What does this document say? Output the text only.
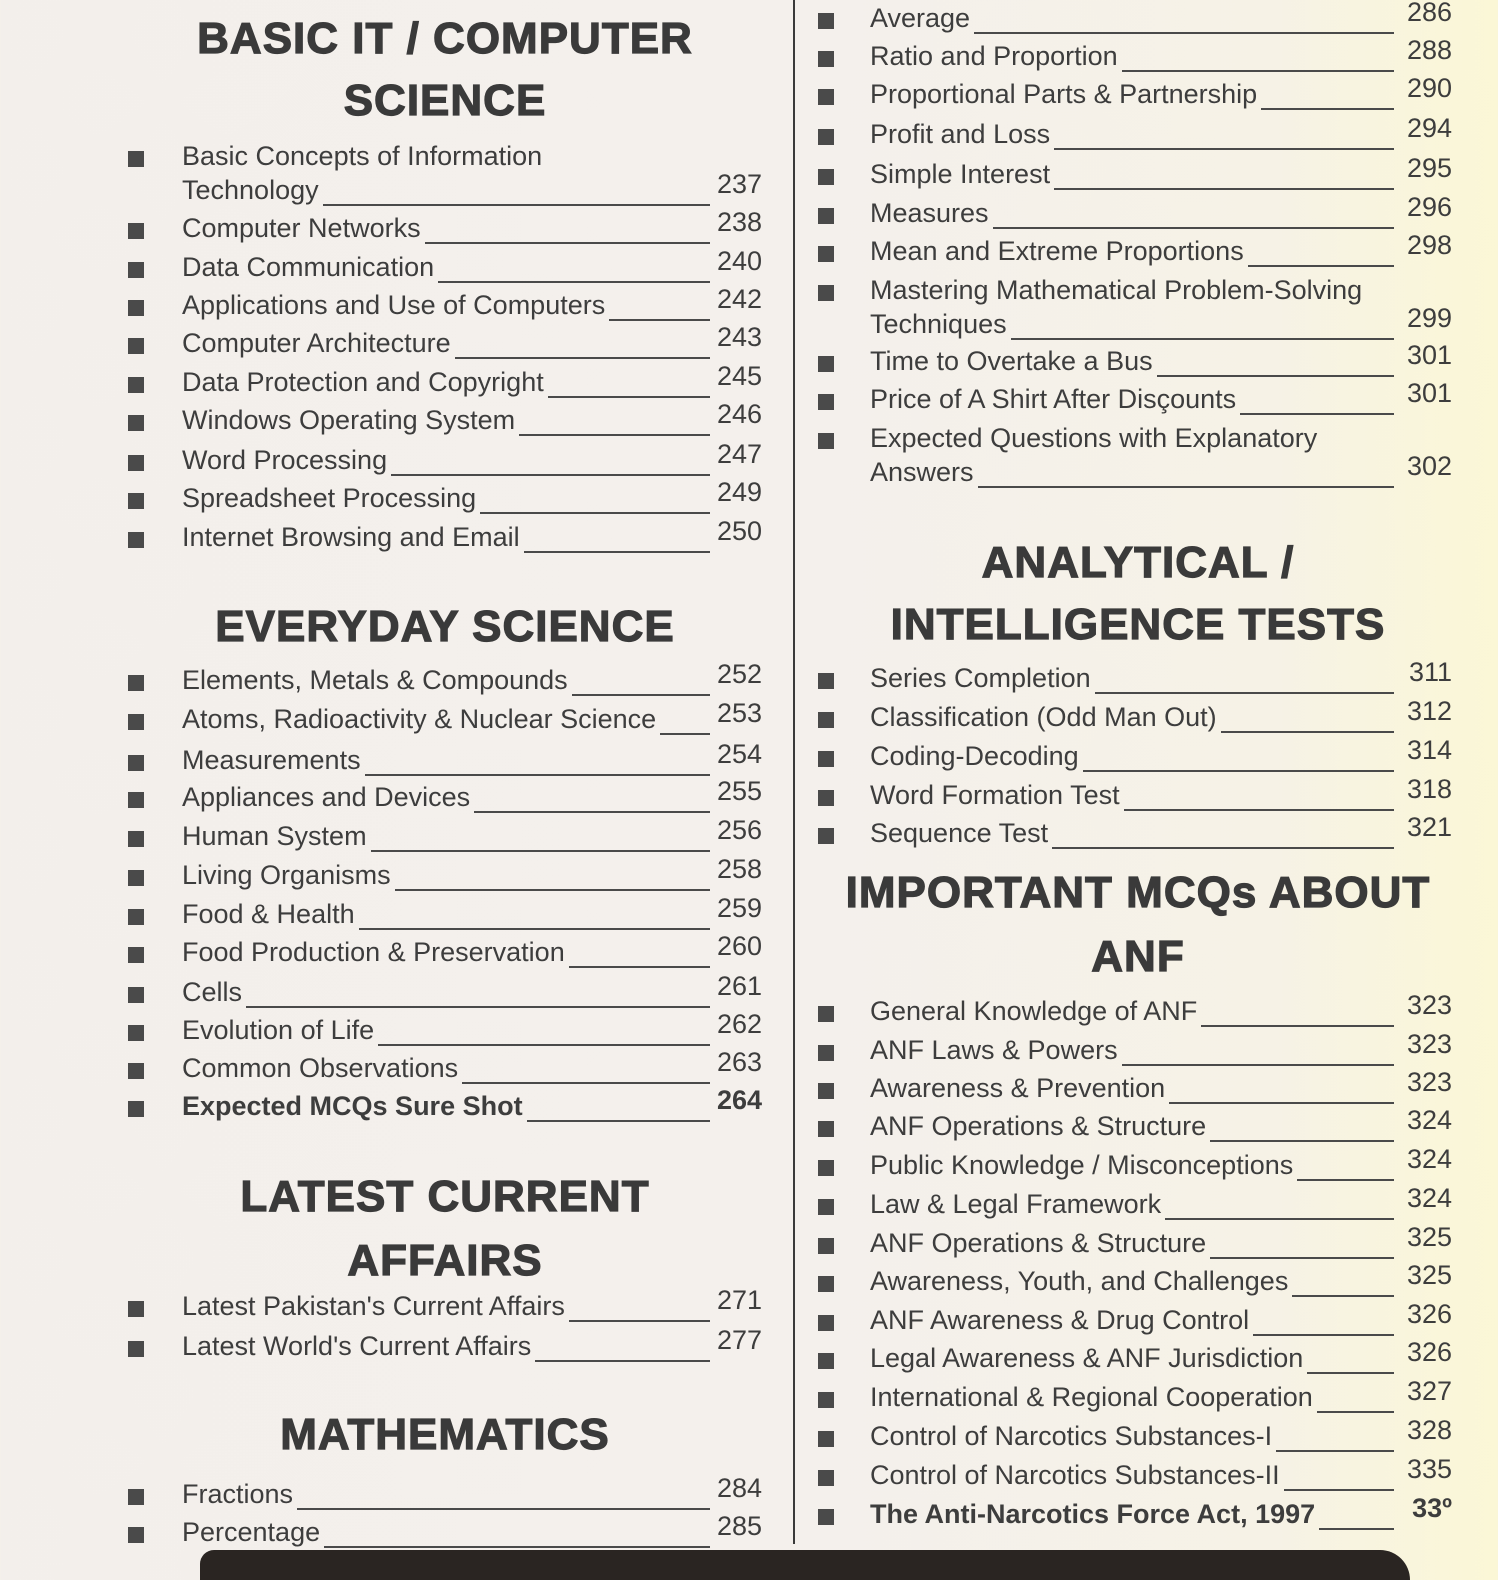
BASIC IT / COMPUTER
SCIENCE
Basic Concepts of Information
Technology	237
Computer Networks	238
Data Communication	240
Applications and Use of Computers	242
Computer Architecture	243
Data Protection and Copyright	245
Windows Operating System	246
Word Processing	247
Spreadsheet Processing	249
Internet Browsing and Email	250
EVERYDAY SCIENCE
Elements, Metals & Compounds	252
Atoms, Radioactivity & Nuclear Science 253
Measurements	254
Appliances and Devices	255
Human System	256
Living Organisms	258
Food & Health	259
Food Production & Preservation	260
Cells	261
Evolution of Life	262
Common Observations	263
Expected MCQs Sure Shot	264
LATEST CURRENT
AFFAIRS
Latest Pakistan's Current Affairs	271
Latest World's Current Affairs	277
MATHEMATICS
Fractions	284
Percentage	285
Average	286
Ratio and Proportion	288
Proportional Parts & Partnership	290
Profit and Loss	294
Simple Interest	295
Measures	296
Mean and Extreme Proportions	298
Mastering Mathematical Problem-Solving
Techniques	299
Time to Overtake a Bus	301
Price of A Shirt After Disçounts	301
Expected Questions with Explanatory
Answers	302
ANALYTICAL /
INTELLIGENCE TESTS
Series Completion	311
Classification (Odd Man Out)	312
Coding-Decoding	314
Word Formation Test	318
Sequence Test	321
IMPORTANT MCQs ABOUT
ANF
General Knowledge of ANF	323
ANF Laws & Powers	323
Awareness & Prevention	323
ANF Operations & Structure	324
Public Knowledge / Misconceptions	324
Law & Legal Framework	324
ANF Operations & Structure	325
Awareness, Youth, and Challenges	325
ANF Awareness & Drug Control	326
Legal Awareness & ANF Jurisdiction	326
International & Regional Cooperation	327
Control of Narcotics Substances-I	328
Control of Narcotics Substances-II	335
The Anti-Narcotics Force Act, 1997	33º
